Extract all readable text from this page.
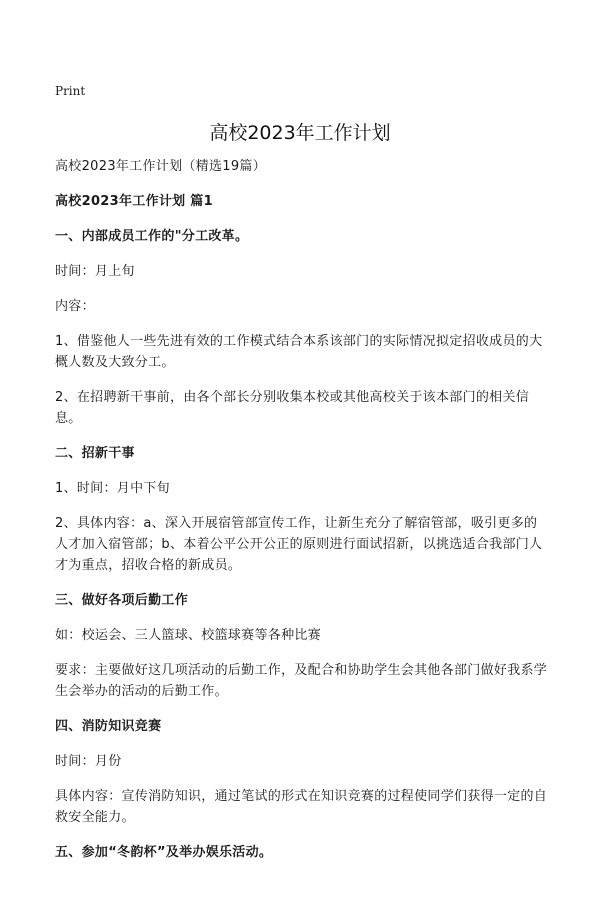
Print
高校2023年工作计划
高校2023年工作计划（精选19篇）
高校2023年工作计划 篇1
一、内部成员工作的"分工改革。
时间：月上旬
内容：
1、借鉴他人一些先进有效的工作模式结合本系该部门的实际情况拟定招收成员的大概人数及大致分工。
2、在招聘新干事前，由各个部长分别收集本校或其他高校关于该本部门的相关信息。
二、招新干事
1、时间：月中下旬
2、具体内容：a、深入开展宿管部宣传工作，让新生充分了解宿管部，吸引更多的人才加入宿管部；b、本着公平公开公正的原则进行面试招新，以挑选适合我部门人才为重点，招收合格的新成员。
三、做好各项后勤工作
如：校运会、三人篮球、校篮球赛等各种比赛
要求：主要做好这几项活动的后勤工作，及配合和协助学生会其他各部门做好我系学生会举办的活动的后勤工作。
四、消防知识竞赛
时间：月份
具体内容：宣传消防知识，通过笔试的形式在知识竞赛的过程使同学们获得一定的自救安全能力。
五、参加“冬韵杯”及举办娱乐活动。
